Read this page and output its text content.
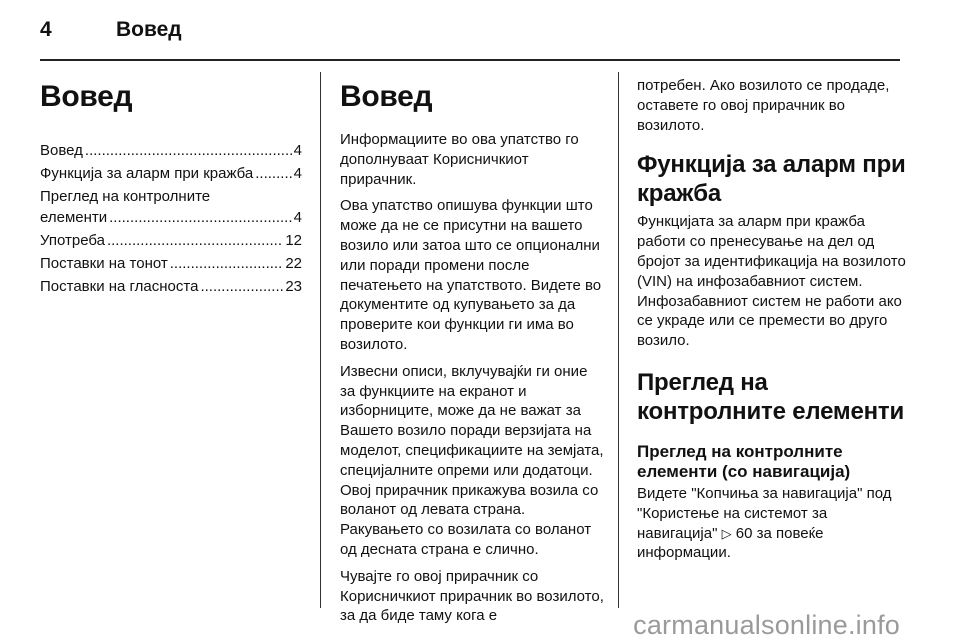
4	Вовед
Вовед
Вовед .....	4
Функција за аларм при кражба .....	4
Преглед на контролните
елементи .....	4
Употреба .....	12
Поставки на тонот .....	22
Поставки на гласноста .....	23
Вовед

Информациите во ова упатство го дополнуваат Корисничкиот прирачник.

Ова упатство опишува функции што може да не се присутни на вашето возило или затоа што се опционални или поради промени после печатењето на упатството. Видете во документите од купувањето за да проверите кои функции ги има во возилото.

Извесни описи, вклучувајќи ги оние за функциите на екранот и изборниците, може да не важат за Вашето возило поради верзијата на моделот, спецификациите на земјата, специјалните опреми или додатоци. Овој прирачник прикажува возила со воланот од левата страна. Ракувањето со возилата со воланот од десната страна е слично.

Чувајте го овој прирачник со Корисничкиот прирачник во возилото, за да биде таму кога е

потребен. Ако возилото се продаде, оставете го овој прирачник во возилото.

Функција за аларм при кражба

Функцијата за аларм при кражба работи со пренесување на дел од бројот за идентификација на возилото (VIN) на инфозабавниот систем. Инфозабавниот систем не работи ако се украде или се премести во друго возило.

Преглед на контролните елементи
Преглед на контролните елементи (со навигација)

Видете "Копчиња за навигација" под "Користење на системот за навигација" ▷ 60 за повеќе информации.

carmanualsonline.info
